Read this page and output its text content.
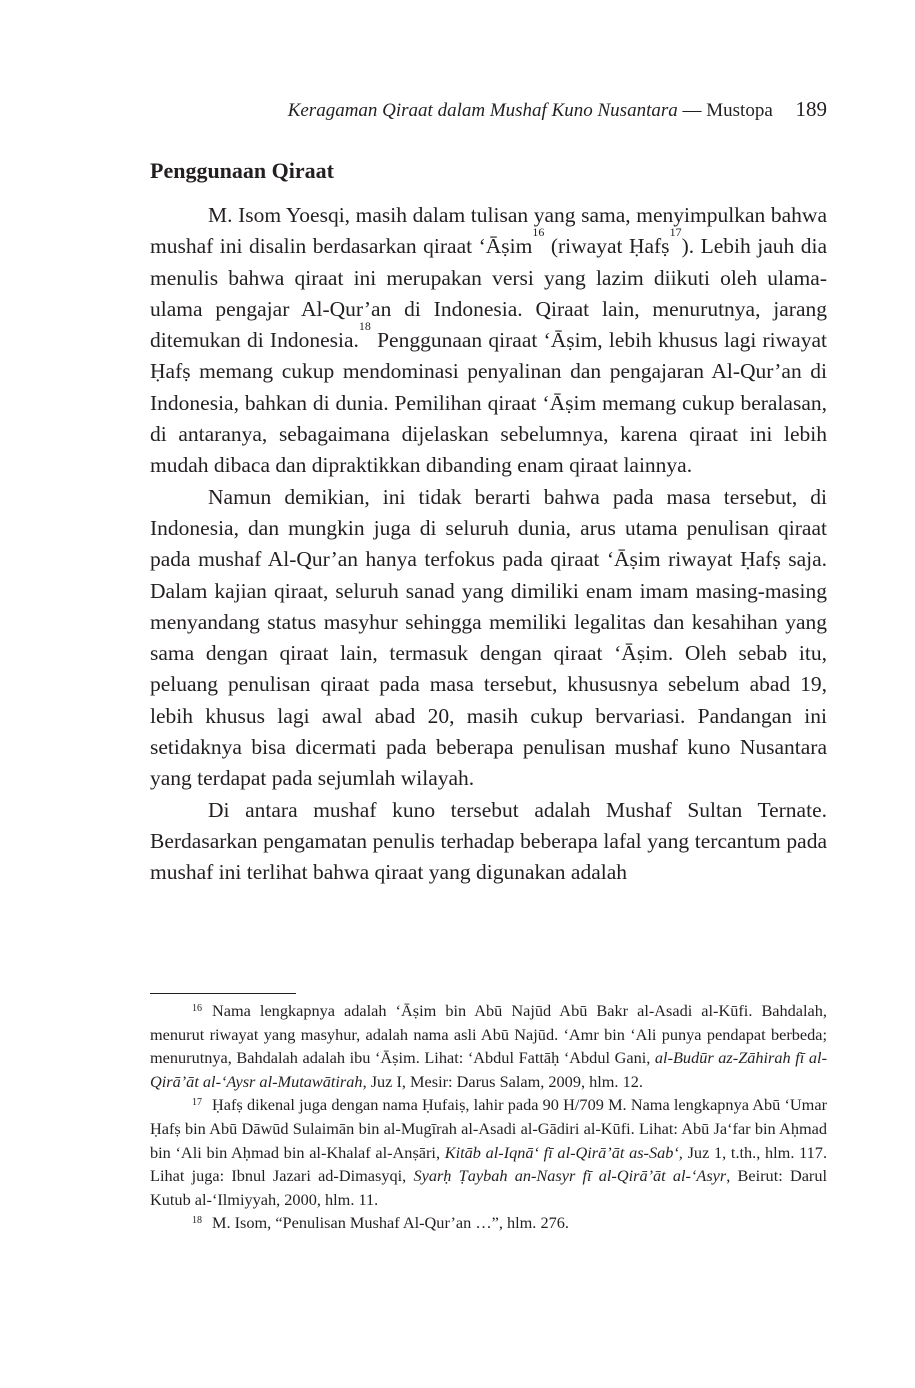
Keragaman Qiraat dalam Mushaf Kuno Nusantara — Mustopa 189
Penggunaan Qiraat

M. Isom Yoesqi, masih dalam tulisan yang sama, menyimpulkan bahwa mushaf ini disalin berdasarkan qiraat ‘Āṣim$^{16}$ (riwayat Ḥafṣ$^{17}$). Lebih jauh dia menulis bahwa qiraat ini merupakan versi yang lazim diikuti oleh ulama-ulama pengajar Al-Qur’an di Indonesia. Qiraat lain, menurutnya, jarang ditemukan di Indonesia.$^{18}$ Penggunaan qiraat ‘Āṣim, lebih khusus lagi riwayat Ḥafṣ memang cukup mendominasi penyalinan dan pengajaran Al-Qur’an di Indonesia, bahkan di dunia. Pemilihan qiraat ‘Āṣim memang cukup beralasan, di antaranya, sebagaimana dijelaskan sebelumnya, karena qiraat ini lebih mudah dibaca dan dipraktikkan dibanding enam qiraat lainnya.

Namun demikian, ini tidak berarti bahwa pada masa tersebut, di Indonesia, dan mungkin juga di seluruh dunia, arus utama penulisan qiraat pada mushaf Al-Qur’an hanya terfokus pada qiraat ‘Āṣim riwayat Ḥafṣ saja. Dalam kajian qiraat, seluruh sanad yang dimiliki enam imam masing-masing menyandang status masyhur sehingga memiliki legalitas dan kesahihan yang sama dengan qiraat lain, termasuk dengan qiraat ‘Āṣim. Oleh sebab itu, peluang penulisan qiraat pada masa tersebut, khususnya sebelum abad 19, lebih khusus lagi awal abad 20, masih cukup bervariasi. Pandangan ini setidaknya bisa dicermati pada beberapa penulisan mushaf kuno Nusantara yang terdapat pada sejumlah wilayah.

Di antara mushaf kuno tersebut adalah Mushaf Sultan Ternate. Berdasarkan pengamatan penulis terhadap beberapa lafal yang tercantum pada mushaf ini terlihat bahwa qiraat yang digunakan adalah

$^{16}$ Nama lengkapnya adalah ‘Āṣim bin Abū Najūd Abū Bakr al-Asadi al-Kūfi. Bahdalah, menurut riwayat yang masyhur, adalah nama asli Abū Najūd. ‘Amr bin ‘Ali punya pendapat berbeda; menurutnya, Bahdalah adalah ibu ‘Āṣim. Lihat: ‘Abdul Fattāḥ ‘Abdul Gani, al-Budūr az-Zāhirah fī al-Qirā’āt al-‘Aysr al-Mutawātirah, Juz I, Mesir: Darus Salam, 2009, hlm. 12.

$^{17}$ Ḥafṣ dikenal juga dengan nama Ḥufaiṣ, lahir pada 90 H/709 M. Nama lengkapnya Abū ‘Umar Ḥafṣ bin Abū Dāwūd Sulaimān bin al-Mugīrah al-Asadi al-Gādiri al-Kūfi. Lihat: Abū Ja‘far bin Aḥmad bin ‘Ali bin Aḥmad bin al-Khalaf al-Anṣāri, Kitāb al-Iqnā‘ fī al-Qirā’āt as-Sab‘, Juz 1, t.th., hlm. 117. Lihat juga: Ibnul Jazari ad-Dimasyqi, Syarḥ Ṭaybah an-Nasyr fī al-Qirā’āt al-‘Asyr, Beirut: Darul Kutub al-‘Ilmiyyah, 2000, hlm. 11.

$^{18}$ M. Isom, “Penulisan Mushaf Al-Qur’an …”, hlm. 276.
